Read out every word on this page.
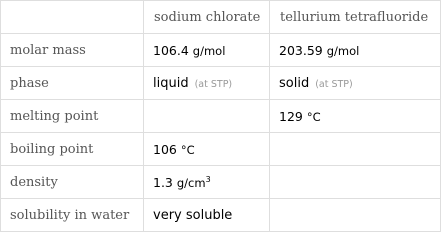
	sodium chlorate	tellurium tetrafluoride
molar mass	106.4 g/mol	203.59 g/mol
phase	liquid (at STP)	solid (at STP)
melting point		129 °C
boiling point	106 °C	
density	1.3 $g/cm^3$	
solubility in water	very soluble	
